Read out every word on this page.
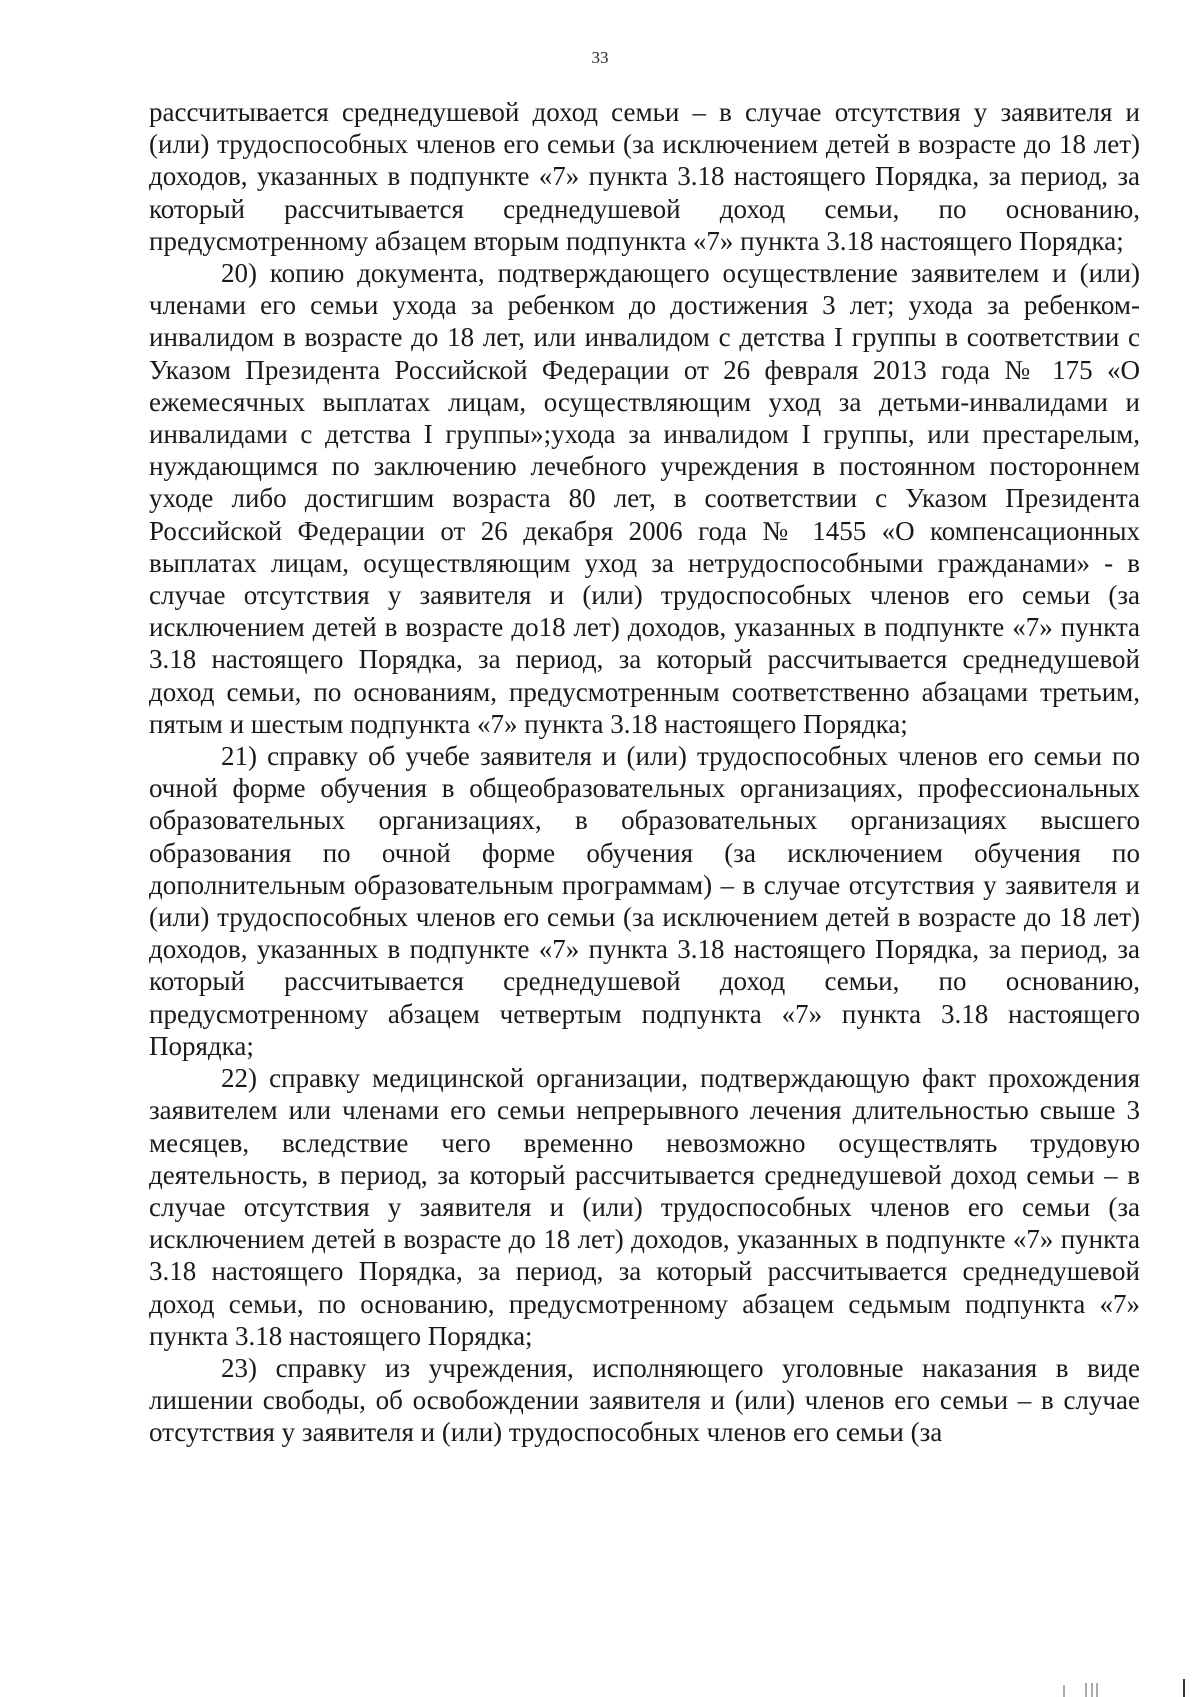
33

рассчитывается среднедушевой доход семьи – в случае отсутствия у заявителя и (или) трудоспособных членов его семьи (за исключением детей в возрасте до 18 лет) доходов, указанных в подпункте «7» пункта 3.18 настоящего Порядка, за период, за который рассчитывается среднедушевой доход семьи, по основанию, предусмотренному абзацем вторым подпункта «7» пункта 3.18 настоящего Порядка;

20) копию документа, подтверждающего осуществление заявителем и (или) членами его семьи ухода за ребенком до достижения 3 лет; ухода за ребенком-инвалидом в возрасте до 18 лет, или инвалидом с детства I группы в соответствии с Указом Президента Российской Федерации от 26 февраля 2013 года № 175 «О ежемесячных выплатах лицам, осуществляющим уход за детьми-инвалидами и инвалидами с детства I группы»;ухода за инвалидом I группы, или престарелым, нуждающимся по заключению лечебного учреждения в постоянном постороннем уходе либо достигшим возраста 80 лет, в соответствии с Указом Президента Российской Федерации от 26 декабря 2006 года № 1455 «О компенсационных выплатах лицам, осуществляющим уход за нетрудоспособными гражданами» - в случае отсутствия у заявителя и (или) трудоспособных членов его семьи (за исключением детей в возрасте до18 лет) доходов, указанных в подпункте «7» пункта 3.18 настоящего Порядка, за период, за который рассчитывается среднедушевой доход семьи, по основаниям, предусмотренным соответственно абзацами третьим, пятым и шестым подпункта «7» пункта 3.18 настоящего Порядка;

21) справку об учебе заявителя и (или) трудоспособных членов его семьи по очной форме обучения в общеобразовательных организациях, профессиональных образовательных организациях, в образовательных организациях высшего образования по очной форме обучения (за исключением обучения по дополнительным образовательным программам) – в случае отсутствия у заявителя и (или) трудоспособных членов его семьи (за исключением детей в возрасте до 18 лет) доходов, указанных в подпункте «7» пункта 3.18 настоящего Порядка, за период, за который рассчитывается среднедушевой доход семьи, по основанию, предусмотренному абзацем четвертым подпункта «7» пункта 3.18 настоящего Порядка;

22) справку медицинской организации, подтверждающую факт прохождения заявителем или членами его семьи непрерывного лечения длительностью свыше 3 месяцев, вследствие чего временно невозможно осуществлять трудовую деятельность, в период, за который рассчитывается среднедушевой доход семьи – в случае отсутствия у заявителя и (или) трудоспособных членов его семьи (за исключением детей в возрасте до 18 лет) доходов, указанных в подпункте «7» пункта 3.18 настоящего Порядка, за период, за который рассчитывается среднедушевой доход семьи, по основанию, предусмотренному абзацем седьмым подпункта «7» пункта 3.18 настоящего Порядка;

23) справку из учреждения, исполняющего уголовные наказания в виде лишении свободы, об освобождении заявителя и (или) членов его семьи – в случае отсутствия у заявителя и (или) трудоспособных членов его семьи (за
